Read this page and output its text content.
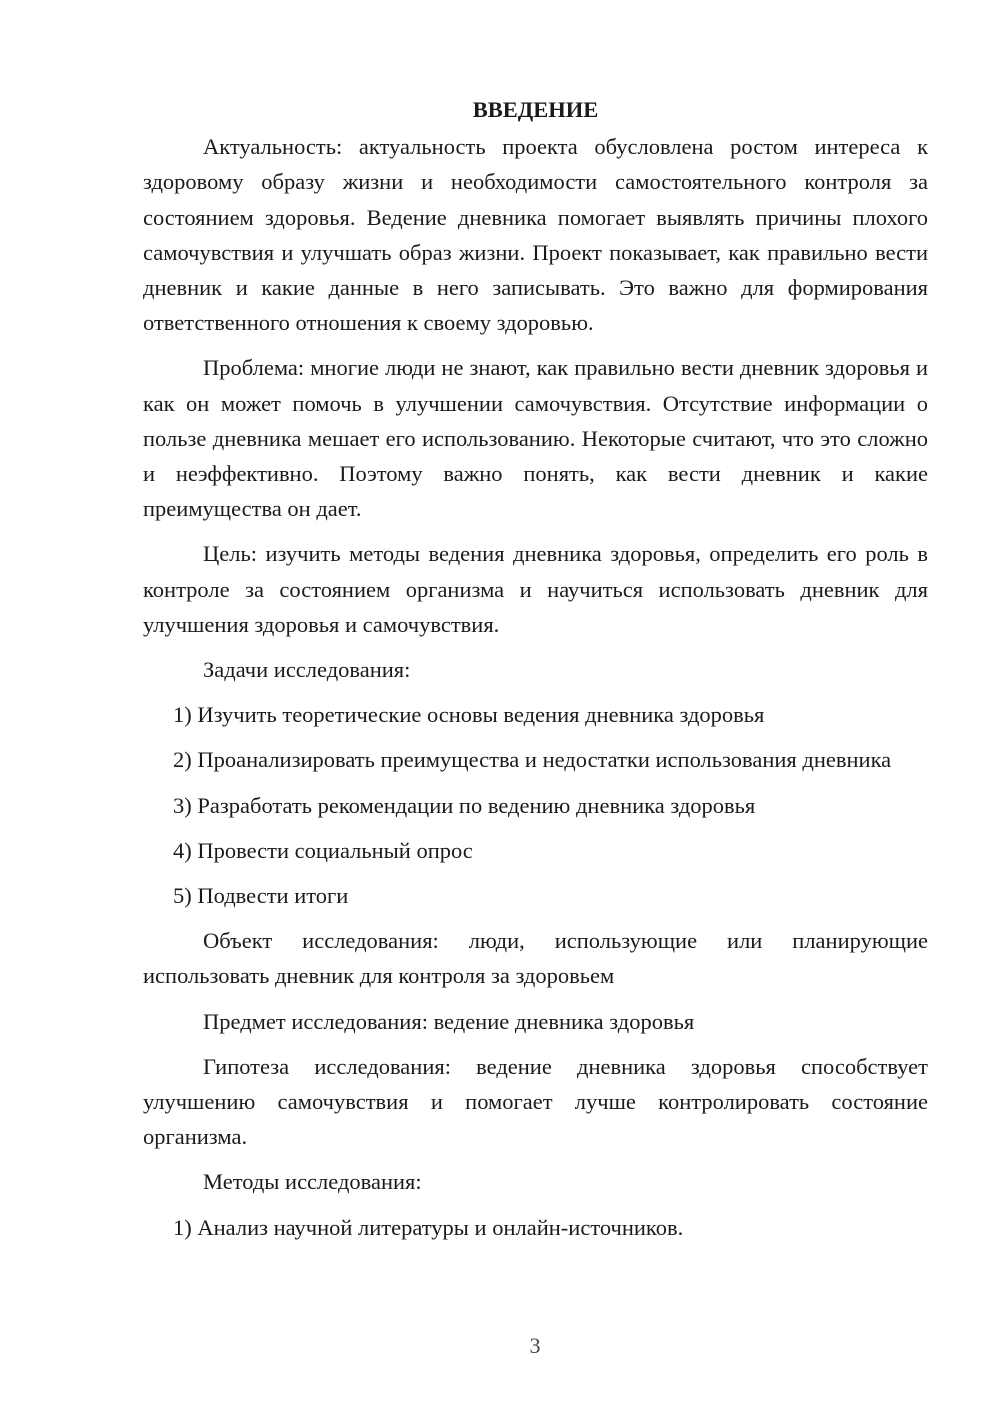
ВВЕДЕНИЕ

Актуальность: актуальность проекта обусловлена ростом интереса к здоровому образу жизни и необходимости самостоятельного контроля за состоянием здоровья. Ведение дневника помогает выявлять причины плохого самочувствия и улучшать образ жизни. Проект показывает, как правильно вести дневник и какие данные в него записывать. Это важно для формирования ответственного отношения к своему здоровью.

Проблема: многие люди не знают, как правильно вести дневник здоровья и как он может помочь в улучшении самочувствия. Отсутствие информации о пользе дневника мешает его использованию. Некоторые считают, что это сложно и неэффективно. Поэтому важно понять, как вести дневник и какие преимущества он дает.

Цель: изучить методы ведения дневника здоровья, определить его роль в контроле за состоянием организма и научиться использовать дневник для улучшения здоровья и самочувствия.

Задачи исследования:

1) Изучить теоретические основы ведения дневника здоровья

2) Проанализировать преимущества и недостатки использования дневника

3) Разработать рекомендации по ведению дневника здоровья

4) Провести социальный опрос

5) Подвести итоги

Объект исследования: люди, использующие или планирующие использовать дневник для контроля за здоровьем

Предмет исследования: ведение дневника здоровья

Гипотеза исследования: ведение дневника здоровья способствует улучшению самочувствия и помогает лучше контролировать состояние организма.

Методы исследования:

1) Анализ научной литературы и онлайн-источников.

3
